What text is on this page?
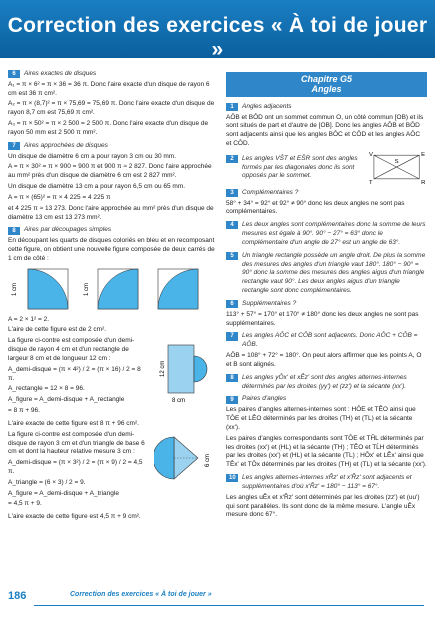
Correction des exercices « À toi de jouer »
6	Aires exactes de disques

A₁ = π × 6² = π × 36 = 36 π. Donc l'aire exacte d'un disque de rayon 6 cm est 36 π cm².

A₂ = π × (8,7)² = π × 75,69 = 75,69 π. Donc l'aire exacte d'un disque de rayon 8,7 cm est 75,69 π cm².

A₃ = π × 50² = π × 2 500 = 2 500 π. Donc l'aire exacte d'un disque de rayon 50 mm est 2 500 π mm².

7	Aires approchées de disques

Un disque de diamètre 6 cm a pour rayon 3 cm ou 30 mm.

A = π × 30² = π × 900 = 900 π et 900 π ≈ 2 827. Donc l'aire approchée au mm² près d'un disque de diamètre 6 cm est 2 827 mm².

Un disque de diamètre 13 cm a pour rayon 6,5 cm ou 65 mm.

A = π × (65)² = π × 4 225 = 4 225 π

et 4 225 π ≈ 13 273. Donc l'aire approchée au mm² près d'un disque de diamètre 13 cm est 13 273 mm².

8	Aires par découpages simples

En découpant les quarts de disques coloriés en bleu et en recomposant cette figure, on obtient une nouvelle figure composée de deux carrés de 1 cm de côté :

1 cm	1 cm

A = 2 × 1² = 2.

L'aire de cette figure est de 2 cm².

La figure ci-contre est composée d'un demi-disque de rayon 4 cm et d'un rectangle de largeur 8 cm et de longueur 12 cm :

A_demi-disque = (π × 4²) / 2 = (π × 16) / 2 = 8 π.

A_rectangle = 12 × 8 = 96.

A_figure = A_demi-disque + A_rectangle

= 8 π + 96.

12 cm
8 cm

L'aire exacte de cette figure est 8 π + 96 cm².

La figure ci-contre est composée d'un demi-disque de rayon 3 cm et d'un triangle de base 6 cm et dont la hauteur relative mesure 3 cm :

A_demi-disque = (π × 3²) / 2 = (π × 9) / 2 = 4,5 π.

A_triangle = (6 × 3) / 2 = 9.

A_figure = A_demi-disque + A_triangle

= 4,5 π + 9.

6 cm

L'aire exacte de cette figure est 4,5 π + 9 cm².

Chapitre G5
Angles
1	Angles adjacents

AÔB et BÔD ont un sommet commun O, un côté commun [OB) et ils sont situés de part et d'autre de [OB]. Donc les angles AÔB et BÔD sont adjacents ainsi que les angles BÔC et CÔD et les angles AÔC et CÔD.

2	Les angles VŜT et EŜR sont des angles formés par les diagonales donc ils sont opposés par le sommet.
V	E
S
T	R
3	Complémentaires ?

58° + 34° = 92° et 92° ≠ 90° donc les deux angles ne sont pas complémentaires.

4	Les deux angles sont complémentaires donc la somme de leurs mesures est égale à 90°. 90° − 27° = 63° donc le complémentaire d'un angle de 27° est un angle de 63°.
5	Un triangle rectangle possède un angle droit. De plus la somme des mesures des angles d'un triangle vaut 180°. 180° − 90° = 90° donc la somme des mesures des angles aigus d'un triangle rectangle vaut 90°. Les deux angles aigus d'un triangle rectangle sont donc complémentaires.
6	Supplémentaires ?

113° + 57° = 170° et 170° ≠ 180° donc les deux angles ne sont pas supplémentaires.

7	Les angles AÔC et CÔB sont adjacents. Donc AÔC + CÔB = AÔB.

AÔB = 108° + 72° = 180°. On peut alors affirmer que les points A, O et B sont alignés.

8	Les angles yÔx' et xÊz' sont des angles alternes-internes déterminés par les droites (yy') et (zz') et la sécante (xx').
9	Paires d'angles

Les paires d'angles alternes-internes sont : HÔE et TÊO ainsi que TÔE et LÊO déterminés par les droites (TH) et (TL) et la sécante (xx').

Les paires d'angles correspondants sont TÔE et TĤL déterminés par les droites (xx') et (HL) et la sécante (TH) ; TÊO et TĹH déterminés par les droites (xx') et (HL) et la sécante (TL) ; HÔx' et LÊx' ainsi que TÊx' et TÔx déterminés par les droites (TH) et (TL) et la sécante (xx').

10 Les angles alternes-internes xR̂z' et x'R̂z' sont adjacents et supplémentaires d'où x'R̂z' = 180° − 113° = 67°.

Les angles uÊx et x'R̂z' sont déterminés par les droites (zz') et (uu') qui sont parallèles. Ils sont donc de la même mesure. L'angle uÊx mesure donc 67°.

186	Correction des exercices « À toi de jouer »
